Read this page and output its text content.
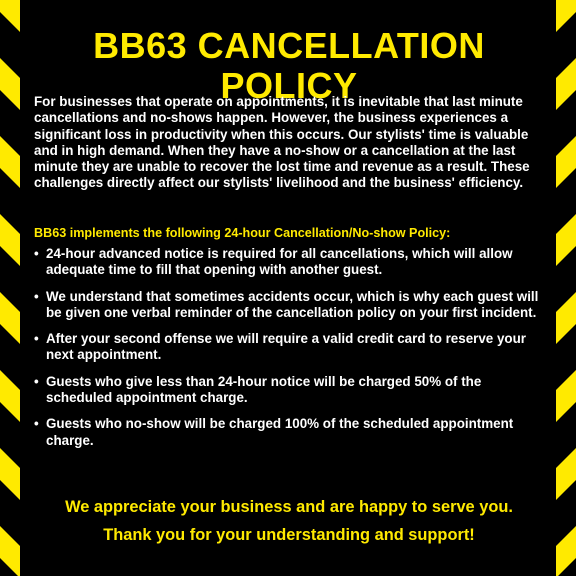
BB63 CANCELLATION POLICY

For businesses that operate on appointments, it is inevitable that last minute cancellations and no-shows happen. However, the business experiences a significant loss in productivity when this occurs. Our stylists' time is valuable and in high demand. When they have a no-show or a cancellation at the last minute they are unable to recover the lost time and revenue as a result. These challenges directly affect our stylists' livelihood and the business' efficiency.

BB63 implements the following 24-hour Cancellation/No-show Policy:
• 24-hour advanced notice is required for all cancellations, which will allow adequate time to fill that opening with another guest.
• We understand that sometimes accidents occur, which is why each guest will be given one verbal reminder of the cancellation policy on your first incident.
• After your second offense we will require a valid credit card to reserve your next appointment.
• Guests who give less than 24-hour notice will be charged 50% of the scheduled appointment charge.
• Guests who no-show will be charged 100% of the scheduled appointment charge.
We appreciate your business and are happy to serve you.
Thank you for your understanding and support!
